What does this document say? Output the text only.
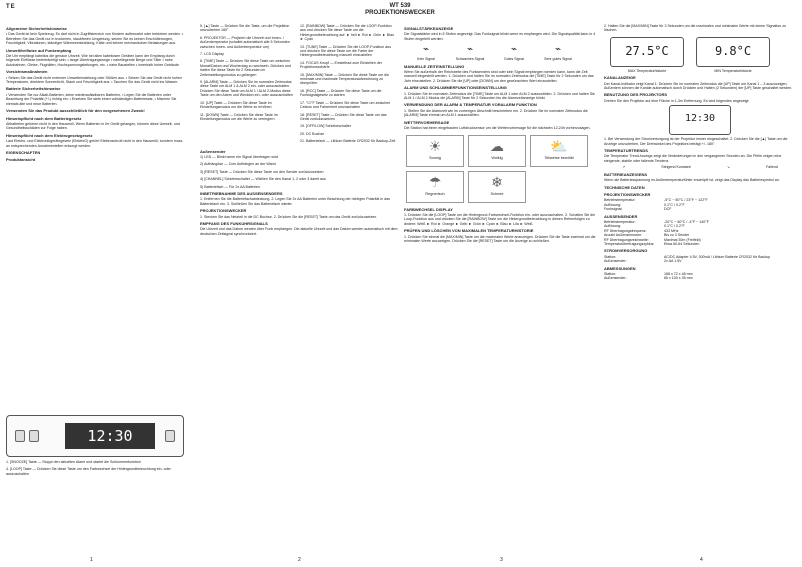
ТЕ	WT 539
PROJEKTIONSWECKER
Allgemeine Sicherheitshinweise
• Das Gerät ist kein Spielzeug. Es darf nicht in Zugriffsbereich von Kindern aufbewahrt oder betrieben werden. • Betreiben Sie das Gerät nur in trockenen, staubfreien Umgebung, setzen Sie es keinen Erschütterungen, Feuchtigkeit, Vibrationen, ständiger Wärmeeinstrahlung, Kälte und keinen mechanischen Belastungen aus.
Umweltfreiflutze auf Funkempfang
Die Uhr empfängt kabellos die genaue Uhrzeit. Wie bei allen kabellosen Geräten kann der Empfang durch folgende Einflüsse beeinträchtigt sein: • lange Übertragungswege • naheliegende Berge und Täler • nahe Autobahnen, Gleise, Flughäfen, Hochspannungsleitungen, etc. • nahe Baustellen • innerhalb hoher Gebäude
Vorsichtsmaßnahmen
• Setzen Sie das Gerät nicht extremer Umwelteinwirkung oder Stößen aus. • Setzen Sie das Gerät nicht hohen Temperaturen, direktem Sonnenlicht, Staub und Feuchtigkeit aus. • Tauchen Sie das Gerät nicht ins Wasser.
Batterie Sicherheitshinweise
• Verwenden Sie nur Alkali-Batterien, keine wiederaufladbaren Batterien. • Legen Sie die Batterien unter Beachtung der Polarität (+/-) richtig ein. • Ersetzen Sie stets einen vollständigen Batteriesatz. • Mischen Sie niemals alte und neue Batterien.
Verwenden Sie das Produkt ausschließlich für den vorgesehenen Zweck!
Hinweispflicht nach dem Batteriegesetz
Altbatterien gehören nicht in den Hausmüll. Wenn Batterien in Ihr Gerät gelangen, können diese Umwelt- und Gesundheitsschäden zur Folge haben.
Hinweispflicht nach dem Elektrogesetzgesetz
Laut Elektro- und Elektronikgerätegesetz (ElektroG) gehört Elektroschrott nicht in den Hausmüll, sondern muss an entsprechenden Annahmestellen entsorgt werden.
EIGENSCHAFTEN
Produktansicht
12:30
1. [SNOOZE] Taste — Stoppt den aktuellen Alarm und startet die Schlummerfunktion
4. [LOOP] Taste — Drücken Sie diese Taste um den Farbwechsel der Hintergrundbeleuchtung ein- oder auszuschalten
1
5. [▲] Taste — Drücken Sie die Taste, um die Projektion umzudrehen 180°
6. PROJEKTOR — Projiziert die Uhrzeit und Innen- / Außentemperatur (schaltet automatisch alle 5 Sekunden zwischen Innen- und Außentemperatur um)
7. LCD Display
8. [TIME] Taste — Drücken Sie diese Taste um zwischen Monat/Datum und Wochentag zu wechseln. Drücken und halten Sie diese Taste für 2 Sekunden im Zeiteinstellungsmodus zu gelangen
9. [ALARM] Taste — Drücken Sie im normalen Zeitmodus diese Taste um ALM 1 & ALM 2 ein- oder auszuschalten. Drücken Sie diese Taste um ALM 1 / ALM 2-Modus diese Taste um den Alarm und Weckton ein- oder auszuschalten
10. [UP] Taste — Drücken Sie diese Taste im Einstellungsmodus um die Werte zu erhöhen
11. [DOWN] Taste — Drücken Sie diese Taste im Einstellungsmodus um die Werte zu verringern
12. [RAINBOW] Taste — Drücken Sie die LOOP-Funktion aus und drücken Sie diese Taste um die Hintergrundbeleuchtung auf: ► hell ► Rot ► Grün ► Blau ► Cyan
13. [TUNE] Taste — Drücken Sie die LOOP-Funktion aus und drücken Sie diese Taste um die Farbe der Hintergrundbeleuchtung manuell einzustellen
14. FOCUS Knopf — Einstellrad zum Einstellen der Projektionsschärfe
15. [MAX/MIN] Taste — Drücken Sie diese Taste um die minimale und maximale Temperaturaufzeichnung zu überprüfen
16. [RCC] Taste — Drücken Sie diese Taste um die Funksignalgesetz zu starten
17. °C/°F Taste — Drücken Sie diese Taste um zwischen Celsius und Fahrenheit umzuschalten
18. [RESET] Taste — Drücken Sie diese Taste um das Gerät zurückzusetzen
19. [OFF/LOW] Schiebeschalter
20. DC Buchse
21. Batteriefach — Lithium Batterie CR2032 für Backup-Zeit
Außensender
1) LED — Blinkt wenn ein Signal übertragen wird
2) Aufhängöse — Zum Aufhängen an der Wand
3) [RESET] Taste — Drücken Sie diese Taste um den Sender zurückzusetzen
4) [CHANNEL] Schiebeschalter — Wählen Sie den Kanal 1, 2 oder 3 damit aus
5) Batteriefach — Für 2x AA Batterien
INBETRIEBNAHME DES AUSSENSENDERS
1. Entfernen Sie die Batteriefachabdeckung. 2. Legen Sie 2x AA Batterien unter Beachtung der richtigen Polarität in das Batteriefach ein. 3. Schließen Sie das Batteriefach wieder.
PROJEKTIONSWECKER
1. Stecken Sie das Netzteil in die DC Buchse. 2. Drücken Sie die [RESET] Taste um das Gerät zurückzusetzen.
EMPFANG DES FUNKUHRSIGNALS
Die Uhrzeit und das Datum werden über Funk empfangen. Die aktuelle Uhrzeit und das Datum werden automatisch mit dem deutschen Zeitsignal synchronisiert.
2
SIGNALSTÄRKEANZEIGE
Die Signalstärke wird in 5 Stufen angezeigt. Das Funksignal blinkt wenn es empfangen wird. Die Signalqualität kann in 4 Stufen eingeteilt werden:
⌁
Kein Signal
⌁
Schwaches Signal
⌁
Gutes Signal
⌁
Sehr gutes Signal
MANUELLE ZEITEINSTELLUNG
Wenn Sie außerhalb der Reichweite des Funksenders sind oder kein Signal empfangen werden kann, kann die Zeit manuell eingestellt werden. 1. Drücken und halten Sie im normalen Zeitmodus die [TIME] Taste für 2 Sekunden um das Jahr einzustellen. 2. Drücken Sie die [UP] oder [DOWN] um den gewünschten Wert einzustellen.
ALARM UND SCHLUMMERFUNKTIONSEINSTELLUNG
1. Drücken Sie im normalen Zeitmodus die [TIME] Taste um ALM 1 oder ALM 2 auszuwählen. 2. Drücken und halten Sie ALM 1 / ALM 2 Modus die [ALARM] Taste für 2 Sekunden bis die Alarmzeitanzeige blinkt.
VERWENDUNG DER ALARM & TEMPERATUR VORALARM FUNKTION
1. Stellen Sie die Alarmzeit wie im vorherigen Abschnitt beschrieben ein. 2. Drücken Sie im normalen Zeitmodus die [ALARM] Taste einmal um ALM 1 auszuwählen.
WETTERVORHERSAGE
Die Station hat einen eingebauten Luftdrucksensor um die Wettervorhersage für die nächsten 12-24h vorherzusagen.
☀
Sonnig
☁
Wolkig
⛅
Teilweise bewölkt

☂
Regnerisch
❄
Schnee
FARBWECHSEL DISPLAY
1. Drücken Sie die [LOOP] Taste um die Hintergrund-Farbwechsel-Funktion ein- oder auszuschalten. 2. Schalten Sie die Loop-Funktion aus und drücken Sie die [RAINBOW] Taste um die Hintergrundbeleuchtung in diesen Reihenfolgen zu ändern: Weiß ► Rot ► Orange ► Gelb ► Grün ► Cyan ► Blau ► Lila ► Weiß
PRÜFEN UND LÖSCHEN VON MAXIMALEN TEMPERATURHISTORIE
1. Drücken Sie einmal die [MAX/MIN] Taste um die maximalen Werte anzuzeigen. Drücken Sie die Taste zweimal um die minimalen Werte anzuzeigen. Drücken Sie die [RESET] Taste um die Anzeige zu schließen.
3
2. Halten Sie die [MAX/MIN] Taste für 3 Sekunden um die maximalen und minimalen Werte mit einem Signalton zu löschen.
27.5°C
MAX Temperaturhistorie
9.8°C
MIN Temperaturhistorie
KANALANZEIGE
Der Kanal-Indikator zeigt Kanal 1. Drücken Sie im normalen Zeitmodus die [UP] Taste um Kanal 1 – 3 auszuzeigen. Außerdem können die Kanäle automatisch durch Drücken und Halten (2 Sekunden) der [UP] Taste geschaltet werden.
BENUTZUNG DES PROJEKTORS
Drehen Sie den Projektor auf eine Fläche in 1-3m Entfernung. Es wird folgendes angezeigt:
12:30
1. Bei Verwendung der Stromversorgung ist der Projektor immer eingeschaltet. 2. Drücken Sie die [▲] Taste um die Anzeige umzudrehen. Der Drehwinkel des Projektors beträgt +/- 180°.
TEMPERATURTRENDS
Die Temperatur Trend Anzeige zeigt die Veränderungen in den vergangenen Stunden an. Die Pfeile zeigen eine steigende, stabile oder fallende Tendenz.
↗	Steigend Konstant	↘	Fallend
BATTERIEANZEIGENS
Wenn die Batteriesspannung im Außentemperaturfühler erschöpft ist, zeigt das Display das Batteriesymbol an.
TECHNISCHE DATEN
PROJEKTIONSWECKER
Betriebstemperatur:	-5°C ~ 50°C / 23°F ~ 122°F
Auflösung:	0.1°C / 0.2°F
Funksignal:	DCF
AUSSENSENDER
Betriebstemperatur:	-20°C ~ 60°C / -4°F ~ 140°F
Auflösung:	0.1°C / 0.2°F
RF Übertragungsfrequenz:	433 MHz
Anzahl Außensensoren:	Bis zu 3 Sender
RF Übertragungsreichweite:	Maximal 30m (Freifeld)
Temperaturübertragungszyklus:	Etwa 60-64 Sekunden
STROMVERSORGUNG
Station:	AC/DC Adapter 4.5V, 300mA / Lithium Batterie CR2032 für Backup
Außensender:	2x AA 1.5V
ABMESSUNGEN
Station:	168 x 72 x 48 mm
Außensender:	65 x 100 x 35 mm
4
